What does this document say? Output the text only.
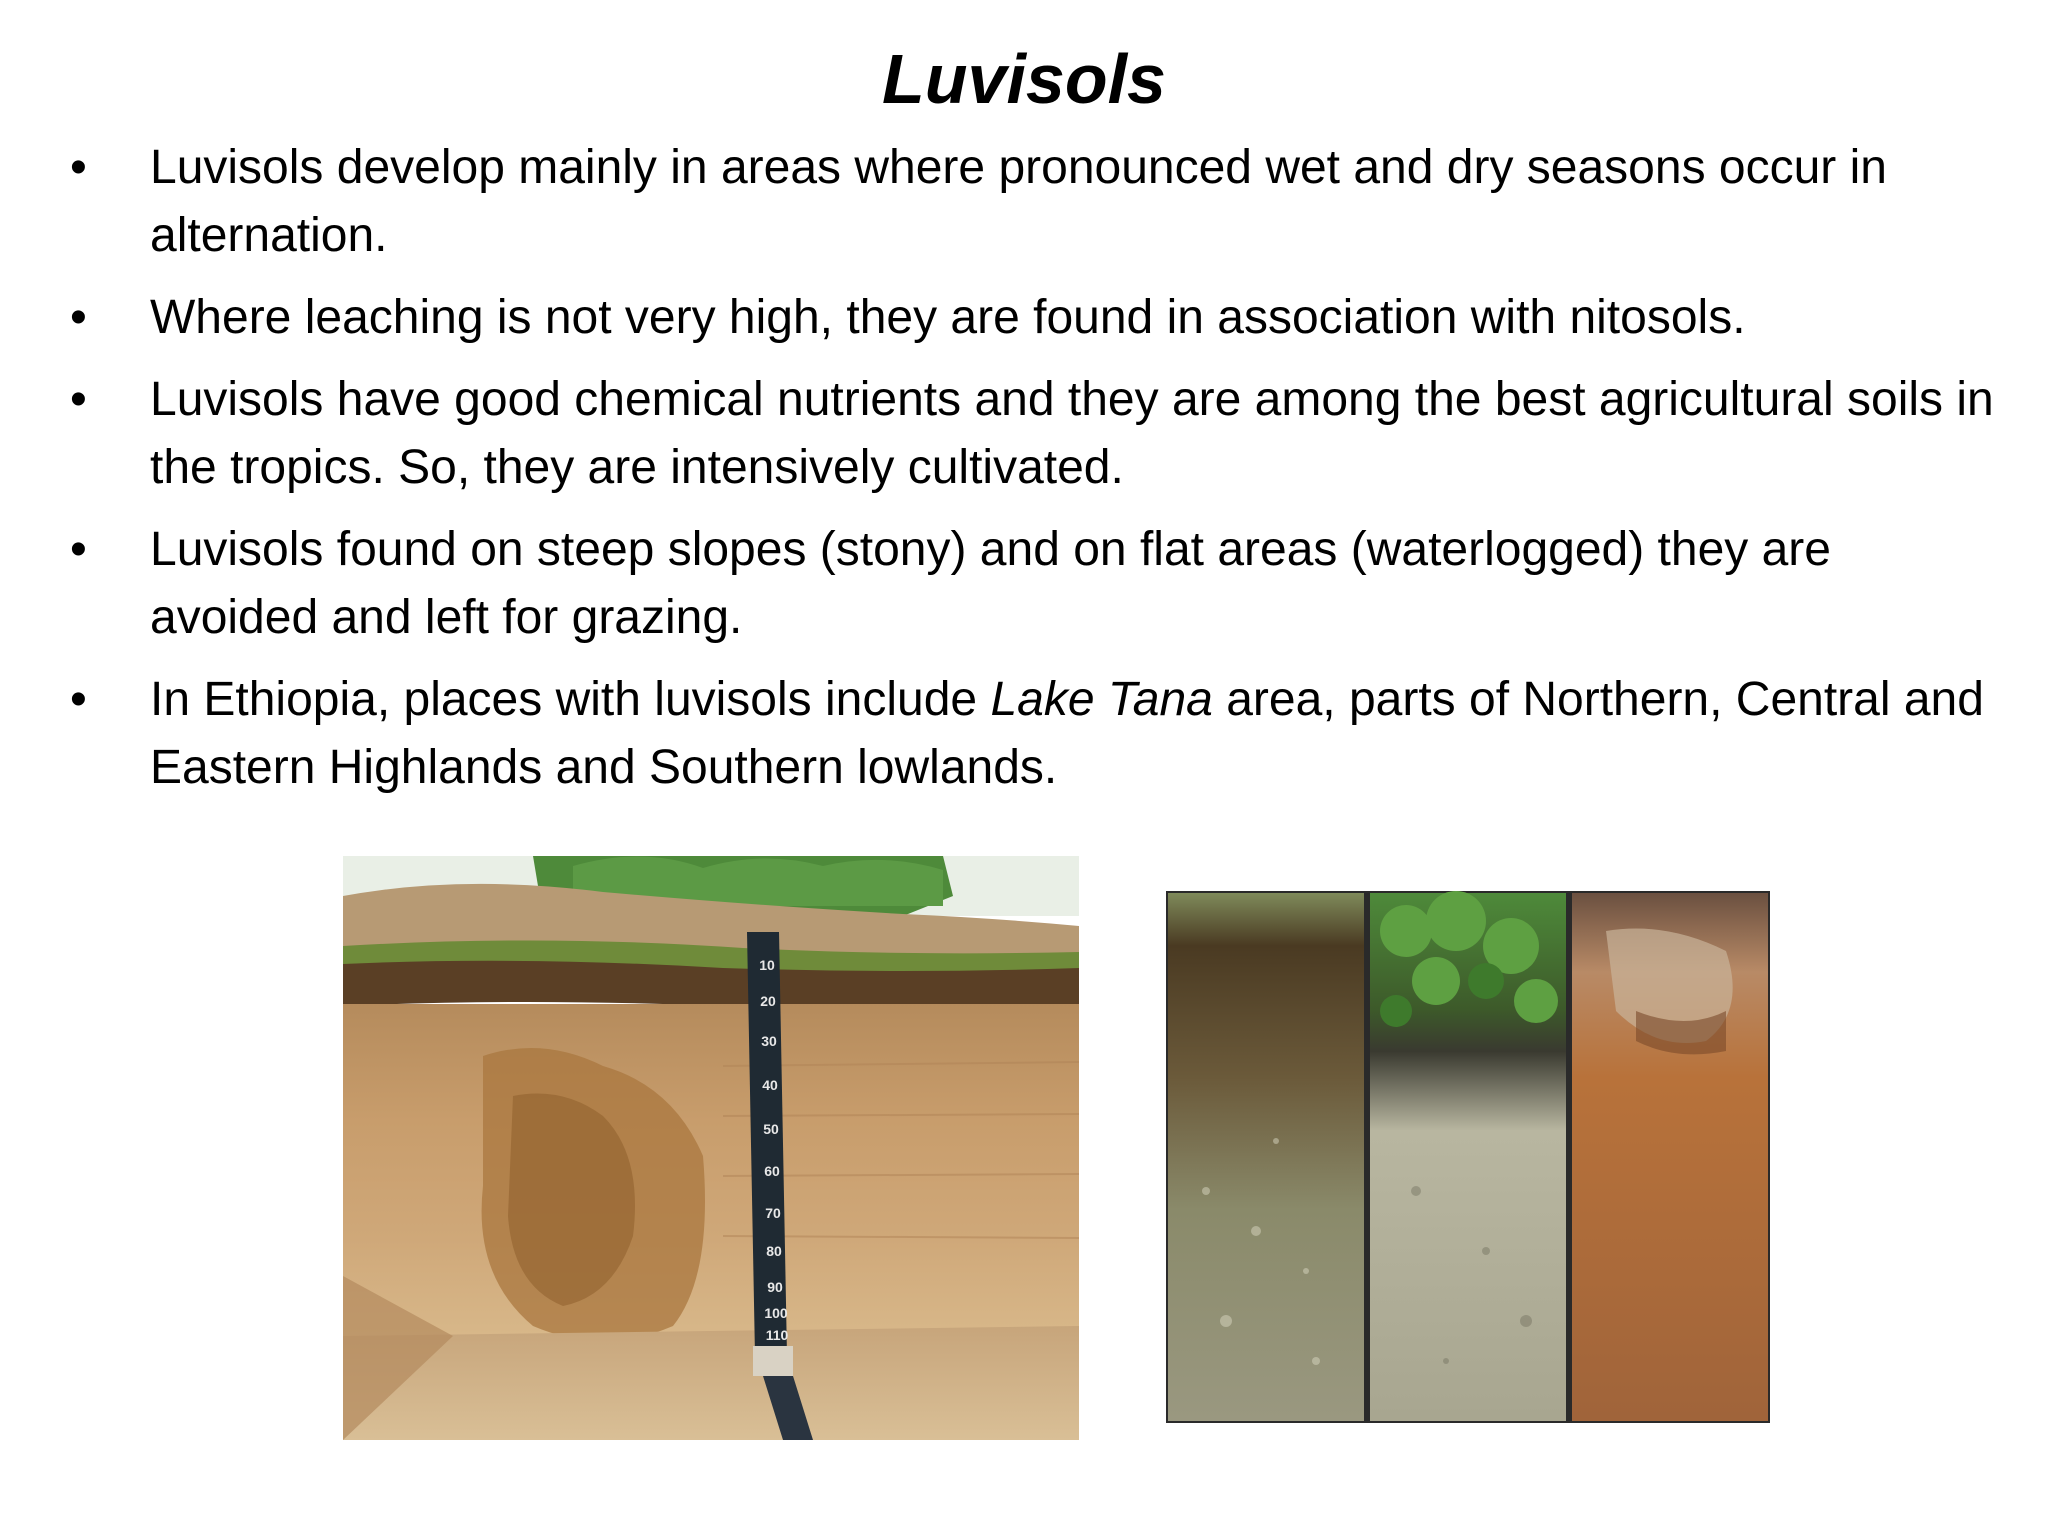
Luvisols
•	Luvisols develop mainly in areas where pronounced wet and dry seasons occur in alternation.
•	Where leaching is not very high, they are found in association with nitosols.
•	Luvisols have good chemical nutrients and they are among the best agricultural soils in the tropics. So, they are intensively cultivated.
•	Luvisols found on steep slopes (stony) and on flat areas (waterlogged) they are avoided and left for grazing.
•	In Ethiopia, places with luvisols include Lake Tana area, parts of Northern, Central and Eastern Highlands and Southern lowlands.
10
20
30
40
50
60
70
80
90
100
110
